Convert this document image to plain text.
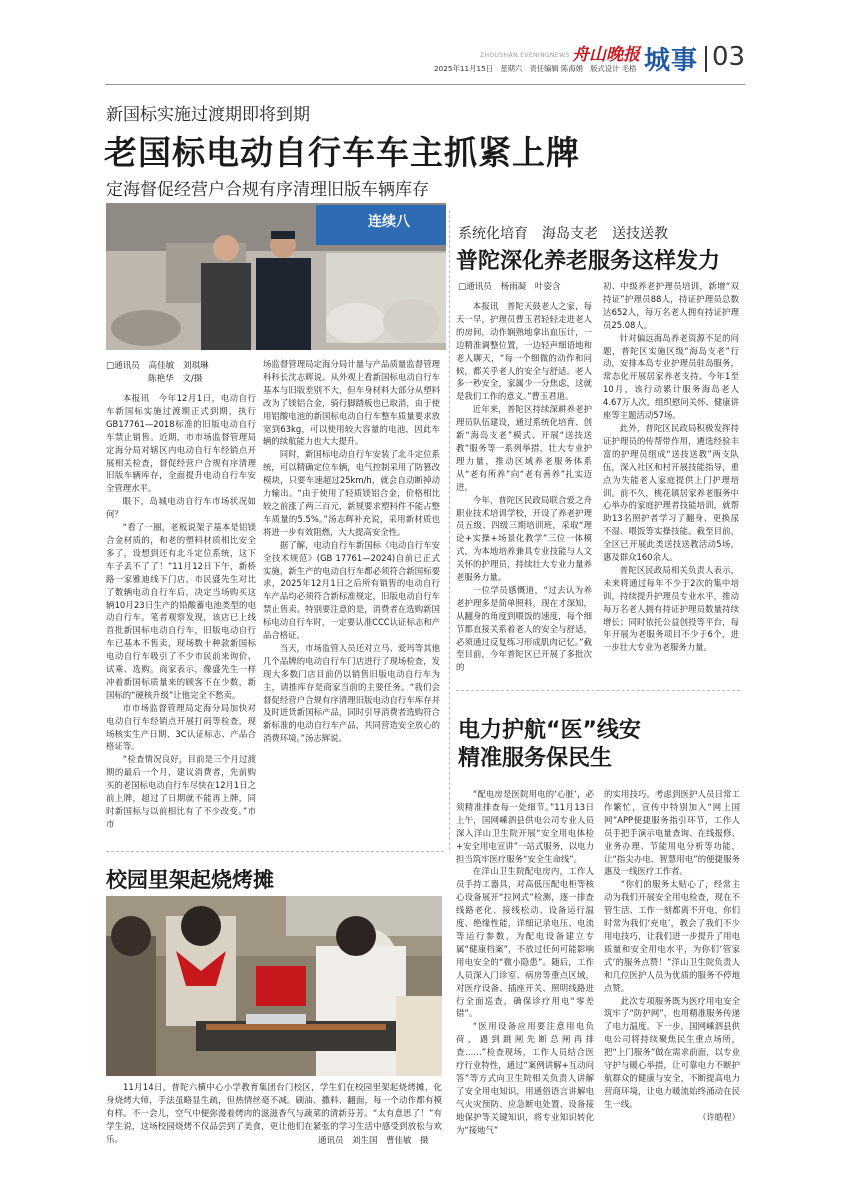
ZHOUSHAN.EVENINGNEWS 舟山晚报
2025年11月15日　星期六　责任编辑 陈海娟　版式设计 毛梧 城事 03
新国标实施过渡期即将到期
老国标电动自行车车主抓紧上牌
定海督促经营户合规有序清理旧版车辆库存
连续八
□通讯员　高佳敏　刘琪琳
陈艳华　文/摄

本报讯　今年12月1日，电动自行车新国标实施过渡期正式到期，执行GB17761—2018标准的旧版电动自行车禁止销售。近期，市市场监督管理局定海分局对辖区内电动自行车经销点开展相关检查，督促经营户合规有序清理旧版车辆库存，全面提升电动自行车安全管理水平。

眼下，岛城电动自行车市场状况如何？

“看了一圈，老板说架子基本是铝镁合金材质的，和老的塑料材质相比安全多了，设想到还有北斗定位系统，这下车子丢不了了！”11月12日下午，新桥路一家雅迪线下门店，市民盛先生对比了数辆电动自行车后，决定当场购买这辆10月23日生产的铅酸蓄电池类型的电动自行车。笔者观察发现，该店已上线首批新国标电动自行车，旧版电动自行车已基本不售卖，现场数十种款新国标电动自行车吸引了不少市民前来询价、试乘、选购。商家表示，像盛先生一样冲着新国标质量来的顾客不在少数，新国标的“硬核升级”让他完全不愁卖。

市市场监督管理局定海分局加快对电动自行车经销点开展打码等检查，现场核实生产日期、3C认证标志、产品合格证等。

“检查情况良好，目前是三个月过渡期的最后一个月，建议消费者，先前购买的老国标电动自行车尽快在12月1日之前上牌，超过了日期就不能再上牌，同时新国标与以前相比有了不少改变。”市市

场监督管理局定海分局计量与产品质量监督管理科科长沈志辉说。从外观上看新国标电动自行车基本与旧版差别不大，但车身材料大部分从塑料改为了镁铝合金，骑行脚踏板也已取消，由于使用铝酸电池的新国标电动自行车整车质量要求放宽到63kg，可以使用较大容量的电池，因此车辆的续航能力也大大提升。

同时，新国标电动自行车安装了北斗定位系统，可以精确定位车辆，电气控制采用了防篡改模块，只要车速超过25km/h，就会自动断掉动力输出。“由于使用了轻质镁铝合金，价格相比较之前涨了两三百元，新规要求塑料件不能占整车质量的5.5%。”汤志辉补充说，采用新材质也将进一步有效阻燃，大大提高安全性。

据了解，电动自行车新国标《电动自行车安全技术规范》(GB 17761—2024)自前已正式实施，新生产的电动自行车都必须符合新国标要求，2025年12月1日之后所有销售的电动自行车产品均必须符合新标准规定，旧版电动自行车禁止售卖。特别要注意的是，消费者在选购新国标电动自行车时，一定要认准CCC认证标志和产品合格证。

当天，市场监管人员还对立马、爱玛等其他几个品牌的电动自行车门店进行了现场检查，发现大多数门店目前仍以销售旧版电动自行车为主，请推库存是商家当前的主要任务。“我们会督促经营户合规有序清理旧版电动自行车库存并及时进货新国标产品，同时引导消费者选购符合新标准的电动自行车产品，共同营造安全放心的消费环境。”汤志辉说。

系统化培育　海岛支老　送技送教
普陀深化养老服务这样发力
□通讯员　杨雨凝　叶姿含

本报讯　普陀天鼓老人之家，每天一早，护理员曹玉君轻轻走进老人的房间，动作娴熟地拿出血压计，一边精准调整位置，一边轻声细语地和老人聊天，“每一个细微的动作和问候，都关乎老人的安全与舒适。老人多一秒安全，家属少一分焦虑，这就是我们工作的意义。”曹玉君道。

近年来，普陀区持续深耕养老护理员队伍建设，通过系统化培育、创新“海岛支老”模式、开展“送技送教”服务等一系列举措，壮大专业护理力量，推动区域养老服务体系从“老有所养”向“老有善养”扎实迈进。

今年，普陀区民政局联合爱之舟职业技术培训学校，开设了养老护理员五级、四级三期培训班，采取“理论+实操+场景化教学”三位一体模式，为本地培养兼具专业技能与人文关怀的护理员，持续壮大专业力量养老服务力量。

一位学员感慨道，“过去认为养老护理多是简单照料，现在才深知，从翻身的角度到喂饭的速度，每个细节都直接关系着老人的安全与舒适，必须通过反复练习形成肌肉记忆。”截至目前，今年普陀区已开展了多批次的

初、中级养老护理员培训，新增“双持证”护理员88人，持证护理员总数达652人，每万名老人拥有持证护理员25.08人。

针对偏远海岛养老资源不足的问题，普陀区实施区级“海岛支老”行动，安排本岛专业护理员驻岛服务，常态化开展居家养老支持。今年1至10月，该行动累计服务海岛老人4.67万人次，组织慰问关怀、健康讲座等主题活动57场。

此外，普陀区民政局积极发挥持证护理员的传帮带作用，遴选经验丰富的护理员组成“送技送教”两支队伍，深入社区和村开展技能指导，重点为失能老人家庭提供上门护理培训。前不久，桃花镇居家养老服务中心举办的家庭护理者技能培训，就帮助13名照护者学习了翻身、更换尿不湿、喂饭等实操技能。截至目前，全区已开展此类送技送教活动5场，惠及群众160余人。

普陀区民政局相关负责人表示，未来将通过每年不少于2次的集中培训，持续提升护理员专业水平，推动每万名老人拥有持证护理员数量持续增长；同时依托公益创投等平台，每年开展为老服务项目不少于6个，进一步壮大专业为老服务力量。

电力护航“医”线安
精准服务保民生

“配电房是医院用电的‘心脏’，必须精准排查每一处细节。”11月13日上午，国网嵊泗县供电公司专业人员深入洋山卫生院开展“安全用电体检+安全用电宣讲”一站式服务，以电力担当筑牢医疗服务“安全生命线”。

在洋山卫生院配电房内，工作人员手持工器具，对高低压配电柜等核心设备展开“拉网式”检测，逐一排查线路老化、接线松动、设备运行温度、绝缘性能，详细记录电压、电流等运行参数，为配电设备建立专属“健康档案”，不放过任何可能影响用电安全的“微小隐患”。随后，工作人员深入门诊室、病房等重点区域，对医疗设备、插座开关、照明线路进行全面巡查，确保诊疗用电“零差错”。

“医用设备应用要注意用电负荷，遇到跳闸先断总闸再排查……”检查现场，工作人员结合医疗行业特性，通过“案例讲解+互动问答”等方式向卫生院相关负责人讲解了安全用电知识，用通俗语言讲解电气火灾预防、应急断电处置、设备接地保护等关键知识，将专业知识转化为“接地气”

的实用技巧。考虑到医护人员日常工作繁忙，宣传中特别加入“网上国网”APP便捷服务指引环节，工作人员手把手演示电量查询、在线报修、业务办理、节能用电分析等功能，让“指尖办电、智慧用电”的便捷服务惠及一线医疗工作者。

“你们的服务太贴心了，经常主动为我们开展安全用电检查，现在不管生活、工作一刻都离不开电，你们时常为我们‘充电’，教会了我们不少用电技巧，让我们进一步提升了用电质量和安全用电水平，为你们‘管家式’的服务点赞！”洋山卫生院负责人和几位医护人员为优质的服务不停地点赞。

此次专项服务既为医疗用电安全筑牢了“防护网”，也用精准服务传递了电力温度。下一步，国网嵊泗县供电公司将持续聚焦民生重点场所，把“上门服务”做在需求前面，以专业守护与暖心举措，让可靠电力不断护航群众的健康与安全，不断提高电力营商环境，让电力暖流始终涌动在民生一线。

（许皓程）

校园里架起烧烤摊

11月14日，普陀六横中心小学教育集团台门校区，学生们在校园里架起烧烤摊，化身烧烤大师，手法虽略显生疏，但热情丝毫不减。刷油、撒料、翻面，每一个动作都有模有样。不一会儿，空气中便弥漫着烤肉的滋滋香气与蔬菜的清新芬芳。“太有意思了！”有学生说，这场校园烧烤不仅品尝到了美食，更让他们在紧张的学习生活中感受到放松与欢乐。	通讯员　刘生国　曹佳敏　摄
